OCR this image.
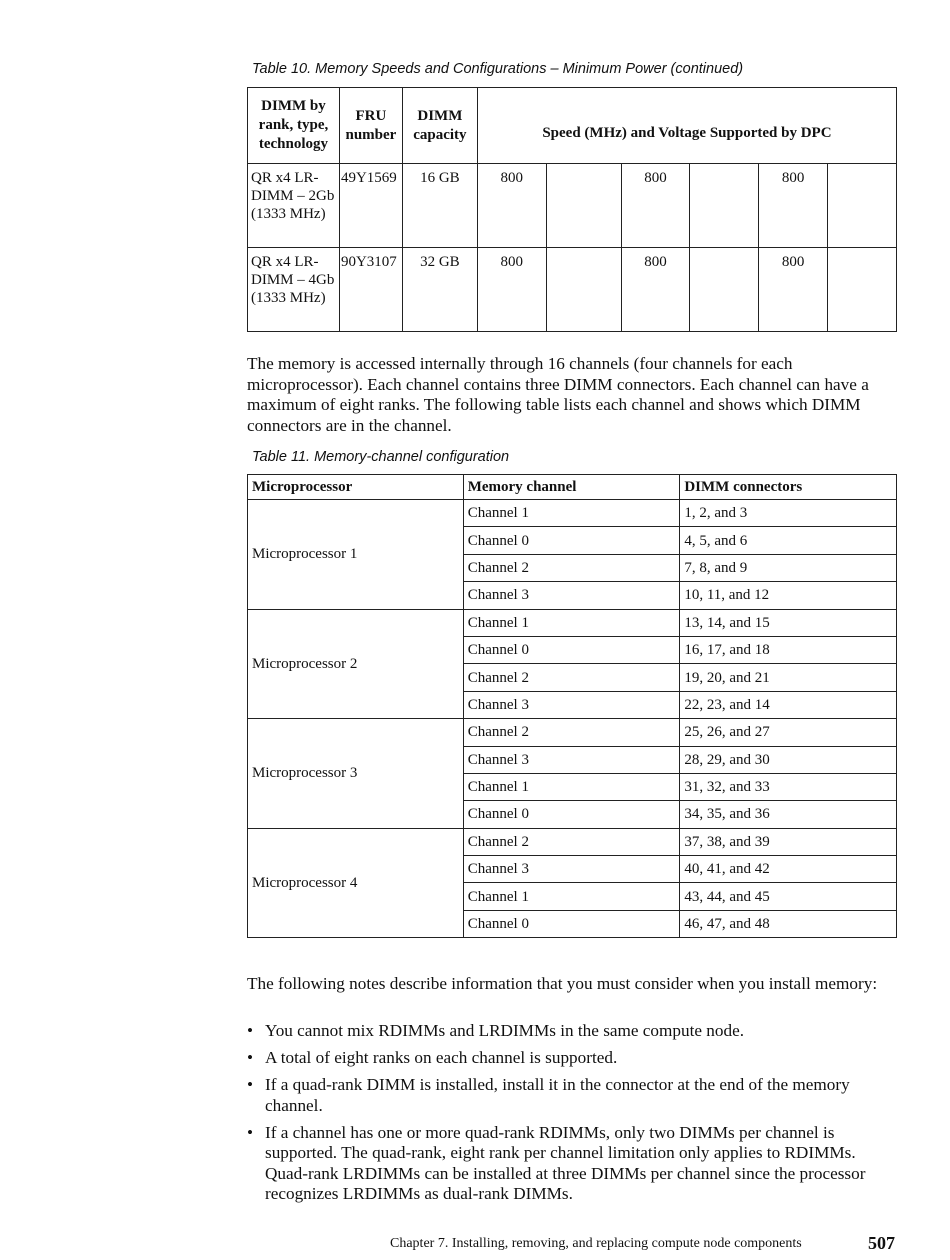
Table 10. Memory Speeds and Configurations – Minimum Power (continued)
DIMM by rank, type, technology	FRU number	DIMM capacity	Speed (MHz) and Voltage Supported by DPC					
QR x4 LR-DIMM – 2Gb (1333 MHz)	49Y1569	16 GB	800		800		800	
QR x4 LR-DIMM – 4Gb (1333 MHz)	90Y3107	32 GB	800		800		800	
The memory is accessed internally through 16 channels (four channels for each microprocessor). Each channel contains three DIMM connectors. Each channel can have a maximum of eight ranks. The following table lists each channel and shows which DIMM connectors are in the channel.
Table 11. Memory-channel configuration
Microprocessor	Memory channel	DIMM connectors
Microprocessor 1	Channel 1	1, 2, and 3
	Channel 0	4, 5, and 6
	Channel 2	7, 8, and 9
	Channel 3	10, 11, and 12
Microprocessor 2	Channel 1	13, 14, and 15
	Channel 0	16, 17, and 18
	Channel 2	19, 20, and 21
	Channel 3	22, 23, and 14
Microprocessor 3	Channel 2	25, 26, and 27
	Channel 3	28, 29, and 30
	Channel 1	31, 32, and 33
	Channel 0	34, 35, and 36
Microprocessor 4	Channel 2	37, 38, and 39
	Channel 3	40, 41, and 42
	Channel 1	43, 44, and 45
	Channel 0	46, 47, and 48
The following notes describe information that you must consider when you install memory:
• You cannot mix RDIMMs and LRDIMMs in the same compute node.
• A total of eight ranks on each channel is supported.
• If a quad-rank DIMM is installed, install it in the connector at the end of the memory channel.
• If a channel has one or more quad-rank RDIMMs, only two DIMMs per channel is supported. The quad-rank, eight rank per channel limitation only applies to RDIMMs. Quad-rank LRDIMMs can be installed at three DIMMs per channel since the processor recognizes LRDIMMs as dual-rank DIMMs.
Chapter 7. Installing, removing, and replacing compute node components	507
